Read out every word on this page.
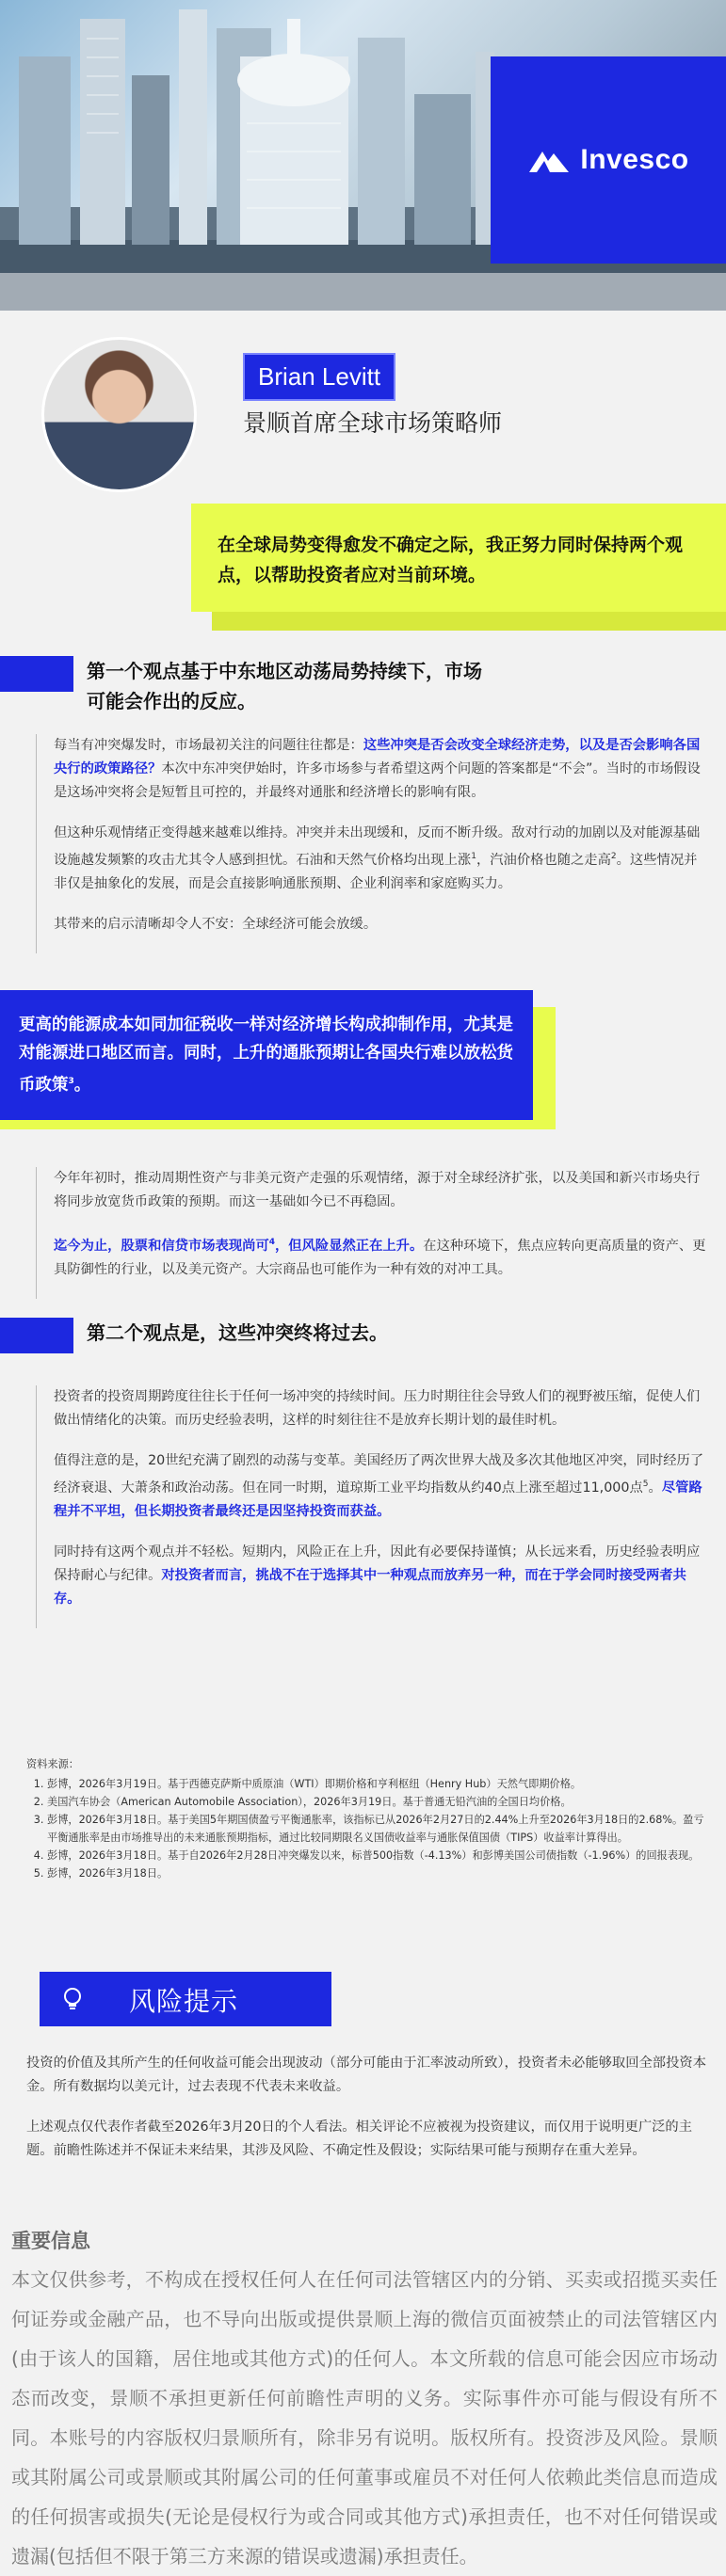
Invesco
Brian Levitt
景顺首席全球市场策略师
在全球局势变得愈发不确定之际，我正努力同时保持两个观点，以帮助投资者应对当前环境。
第一个观点基于中东地区动荡局势持续下，市场可能会作出的反应。

每当有冲突爆发时，市场最初关注的问题往往都是：这些冲突是否会改变全球经济走势，以及是否会影响各国央行的政策路径？本次中东冲突伊始时，许多市场参与者希望这两个问题的答案都是“不会”。当时的市场假设是这场冲突将会是短暂且可控的，并最终对通胀和经济增长的影响有限。

但这种乐观情绪正变得越来越难以维持。冲突并未出现缓和，反而不断升级。敌对行动的加剧以及对能源基础设施越发频繁的攻击尤其令人感到担忧。石油和天然气价格均出现上涨$^1$，汽油价格也随之走高$^2$。这些情况并非仅是抽象化的发展，而是会直接影响通胀预期、企业利润率和家庭购买力。

其带来的启示清晰却令人不安：全球经济可能会放缓。

更高的能源成本如同加征税收一样对经济增长构成抑制作用，尤其是对能源进口地区而言。同时，上升的通胀预期让各国央行难以放松货币政策$^3$。

今年年初时，推动周期性资产与非美元资产走强的乐观情绪，源于对全球经济扩张，以及美国和新兴市场央行将同步放宽货币政策的预期。而这一基础如今已不再稳固。

迄今为止，股票和信贷市场表现尚可$^4$，但风险显然正在上升。在这种环境下，焦点应转向更高质量的资产、更具防御性的行业，以及美元资产。大宗商品也可能作为一种有效的对冲工具。

第二个观点是，这些冲突终将过去。

投资者的投资周期跨度往往长于任何一场冲突的持续时间。压力时期往往会导致人们的视野被压缩，促使人们做出情绪化的决策。而历史经验表明，这样的时刻往往不是放弃长期计划的最佳时机。

值得注意的是，20世纪充满了剧烈的动荡与变革。美国经历了两次世界大战及多次其他地区冲突，同时经历了经济衰退、大萧条和政治动荡。但在同一时期，道琼斯工业平均指数从约40点上涨至超过11,000点$^5$。尽管路程并不平坦，但长期投资者最终还是因坚持投资而获益。

同时持有这两个观点并不轻松。短期内，风险正在上升，因此有必要保持谨慎；从长远来看，历史经验表明应保持耐心与纪律。对投资者而言，挑战不在于选择其中一种观点而放弃另一种，而在于学会同时接受两者共存。

资料来源：
1. 彭博，2026年3月19日。基于西德克萨斯中质原油（WTI）即期价格和亨利枢纽（Henry Hub）天然气即期价格。
2. 美国汽车协会（American Automobile Association），2026年3月19日。基于普通无铅汽油的全国日均价格。
3. 彭博，2026年3月18日。基于美国5年期国债盈亏平衡通胀率，该指标已从2026年2月27日的2.44%上升至2026年3月18日的2.68%。盈亏平衡通胀率是由市场推导出的未来通胀预期指标，通过比较同期限名义国债收益率与通胀保值国债（TIPS）收益率计算得出。
4. 彭博，2026年3月18日。基于自2026年2月28日冲突爆发以来，标普500指数（-4.13%）和彭博美国公司债指数（-1.96%）的回报表现。
5. 彭博，2026年3月18日。
风险提示

投资的价值及其所产生的任何收益可能会出现波动（部分可能由于汇率波动所致），投资者未必能够取回全部投资本金。所有数据均以美元计，过去表现不代表未来收益。

上述观点仅代表作者截至2026年3月20日的个人看法。相关评论不应被视为投资建议，而仅用于说明更广泛的主题。前瞻性陈述并不保证未来结果，其涉及风险、不确定性及假设；实际结果可能与预期存在重大差异。

重要信息
本文仅供参考，不构成在授权任何人在任何司法管辖区内的分销、买卖或招揽买卖任何证券或金融产品，也不导向出版或提供景顺上海的微信页面被禁止的司法管辖区内(由于该人的国籍，居住地或其他方式)的任何人。本文所载的信息可能会因应市场动态而改变，景顺不承担更新任何前瞻性声明的义务。实际事件亦可能与假设有所不同。本账号的内容版权归景顺所有，除非另有说明。版权所有。投资涉及风险。景顺或其附属公司或景顺或其附属公司的任何董事或雇员不对任何人依赖此类信息而造成的任何损害或损失(无论是侵权行为或合同或其他方式)承担责任，也不对任何错误或遗漏(包括但不限于第三方来源的错误或遗漏)承担责任。
